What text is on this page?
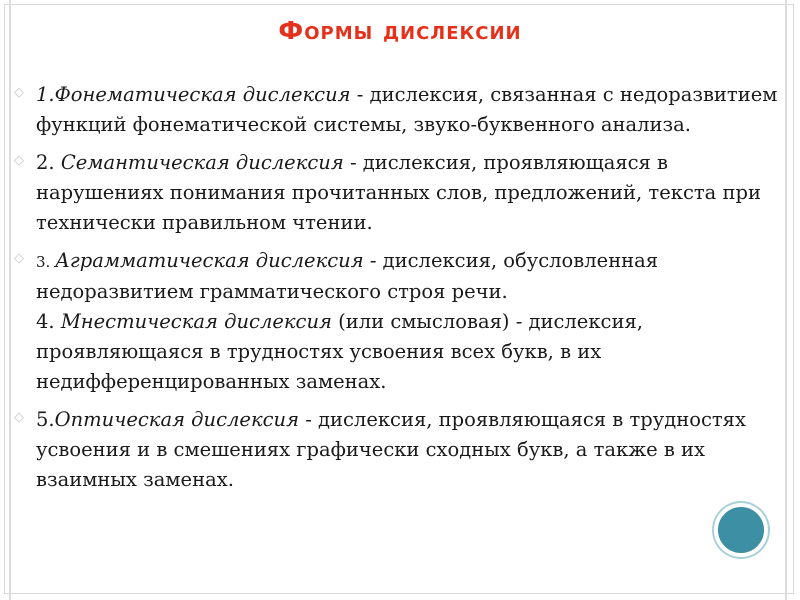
Формы дислексии

◇ 1.Фонематическая дислексия - дислексия, связанная с недоразвитием функций фонематической системы, звуко-буквенного анализа.

◇ 2. Семантическая дислексия - дислексия, проявляющаяся в нарушениях понимания прочитанных слов, предложений, текста при технически правильном чтении.

◇ 3. Аграмматическая дислексия - дислексия, обусловленная недоразвитием грамматического строя речи.
4. Мнестическая дислексия (или смысловая) - дислексия, проявляющаяся в трудностях усвоения всех букв, в их недифференцированных заменах.

◇ 5.Оптическая дислексия - дислексия, проявляющаяся в трудностях усвоения и в смешениях графически сходных букв, а также в их взаимных заменах.
